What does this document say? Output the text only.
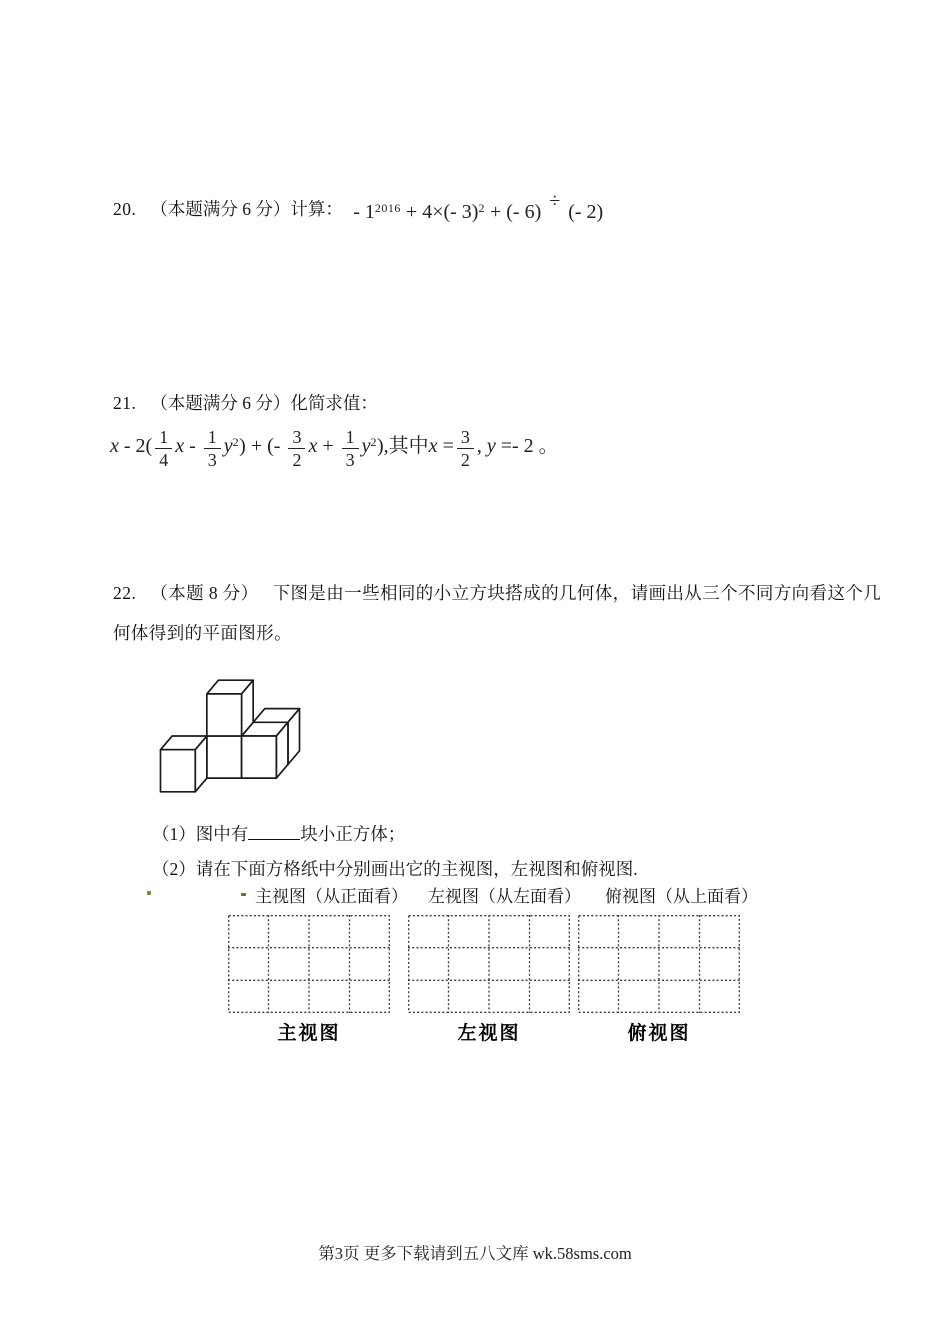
20. （本题满分 6 分）计算： - $1^{2016} + 4\times(-$ 3)$^2$ + (- 6) ÷ (- 2)
21. （本题满分 6 分）化简求值：
x - $2( \frac{1}{4}$ x - $\frac{1}{3} y^2$) + (- $\frac{3}{2}$ $x + \frac{1}{3} y^2$),其中$x = \frac{3}{2}$ , y =- 2 。
22. （本题 8 分） 下图是由一些相同的小立方块搭成的几何体，请画出从三个不同方向看这个几
何体得到的平面图形。
（1）图中有	块小正方体；
（2）请在下面方格纸中分别画出它的主视图，左视图和俯视图.
主视图（从正面看） 左视图（从左面看） 俯视图（从上面看）
主视图	左视图	俯视图
第3页 更多下载请到五八文库 wk.58sms.com
